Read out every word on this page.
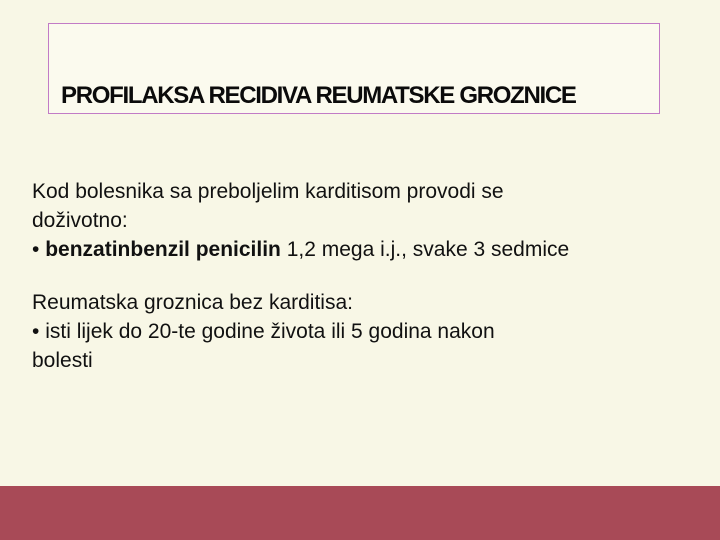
PROFILAKSA RECIDIVA REUMATSKE GROZNICE

Kod bolesnika sa preboljelim karditisom provodi se
doživotno:
• benzatinbenzil penicilin 1,2 mega i.j., svake 3 sedmice

Reumatska groznica bez karditisa:
• isti lijek do 20-te godine života ili 5 godina nakon
bolesti
